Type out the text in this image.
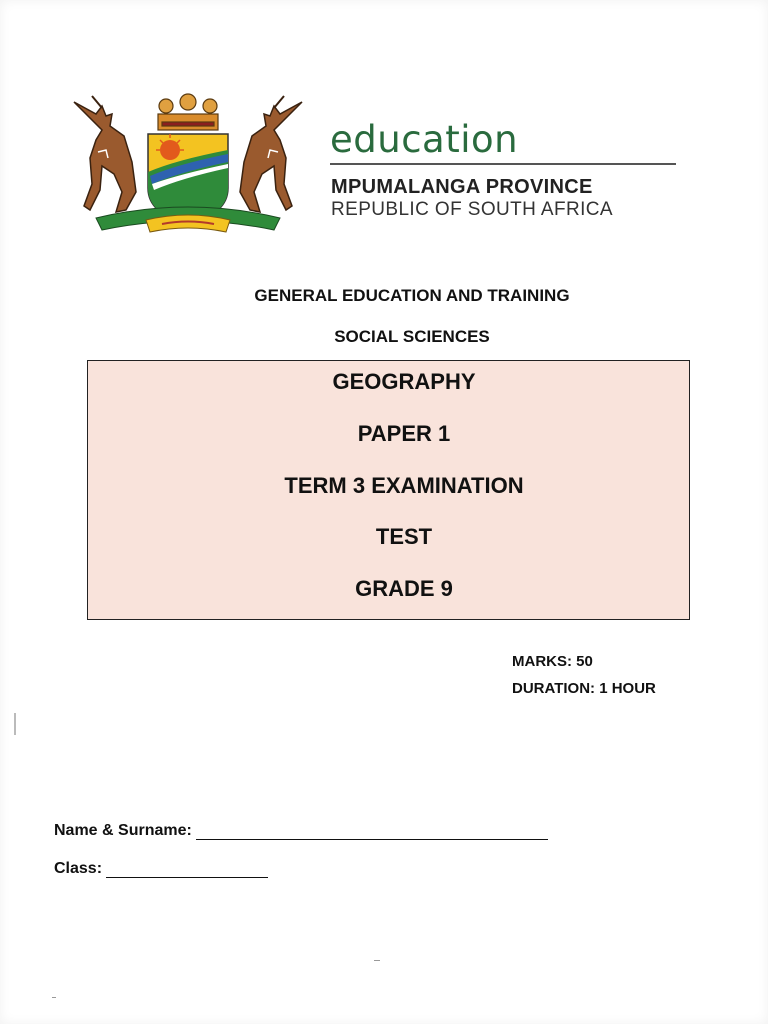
education
MPUMALANGA PROVINCE
REPUBLIC OF SOUTH AFRICA
GENERAL EDUCATION AND TRAINING
SOCIAL SCIENCES
GEOGRAPHY
PAPER 1
TERM 3 EXAMINATION
TEST
GRADE 9
MARKS: 50
DURATION: 1 HOUR
Name & Surname:
Class:
